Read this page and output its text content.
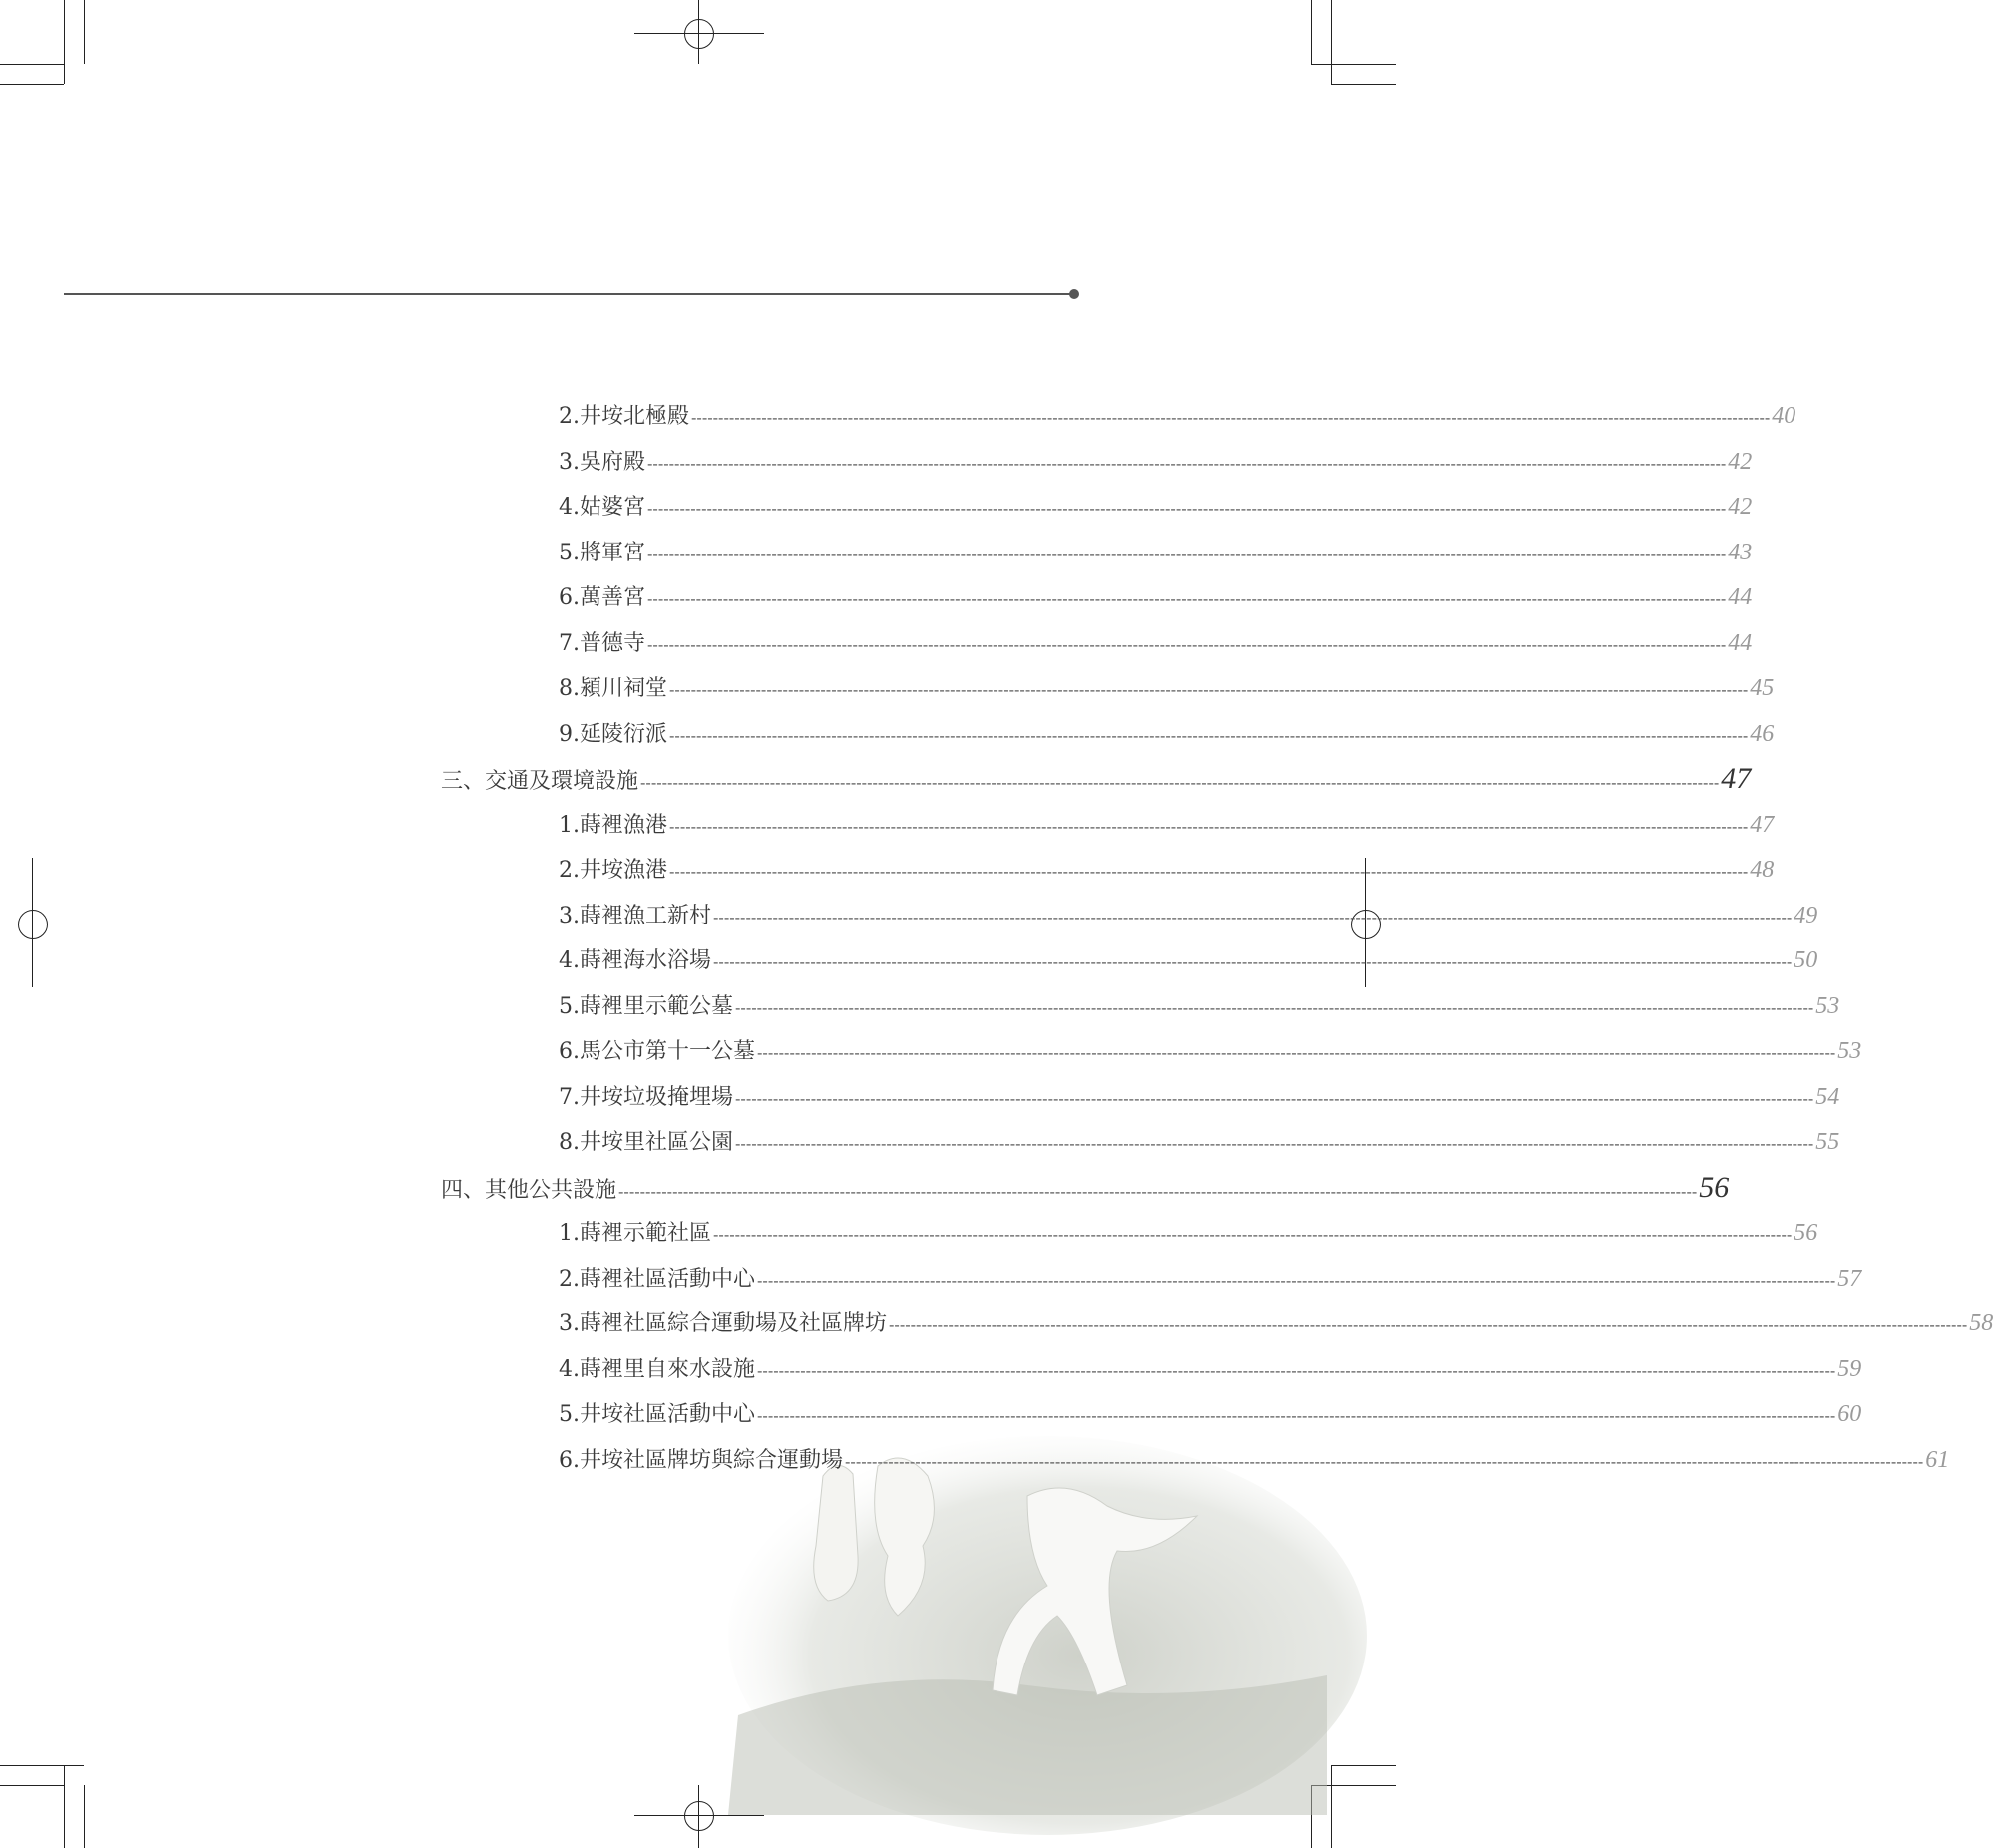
2.井垵北極殿 -------------------------------------------------------------------------------------------------------------------------------------------------------------------------------------------------------- 40
3.吳府殿 -------------------------------------------------------------------------------------------------------------------------------------------------------------------------------------------------------- 42
4.姑婆宮 -------------------------------------------------------------------------------------------------------------------------------------------------------------------------------------------------------- 42
5.將軍宮 -------------------------------------------------------------------------------------------------------------------------------------------------------------------------------------------------------- 43
6.萬善宮 -------------------------------------------------------------------------------------------------------------------------------------------------------------------------------------------------------- 44
7.普德寺 -------------------------------------------------------------------------------------------------------------------------------------------------------------------------------------------------------- 44
8.潁川祠堂 -------------------------------------------------------------------------------------------------------------------------------------------------------------------------------------------------------- 45
9.延陵衍派 -------------------------------------------------------------------------------------------------------------------------------------------------------------------------------------------------------- 46
三、交通及環境設施 -------------------------------------------------------------------------------------------------------------------------------------------------------------------------------------------------------- 47
1.蒔裡漁港 -------------------------------------------------------------------------------------------------------------------------------------------------------------------------------------------------------- 47
2.井垵漁港 -------------------------------------------------------------------------------------------------------------------------------------------------------------------------------------------------------- 48
3.蒔裡漁工新村 -------------------------------------------------------------------------------------------------------------------------------------------------------------------------------------------------------- 49
4.蒔裡海水浴場 -------------------------------------------------------------------------------------------------------------------------------------------------------------------------------------------------------- 50
5.蒔裡里示範公墓 -------------------------------------------------------------------------------------------------------------------------------------------------------------------------------------------------------- 53
6.馬公市第十一公墓 -------------------------------------------------------------------------------------------------------------------------------------------------------------------------------------------------------- 53
7.井垵垃圾掩埋場 -------------------------------------------------------------------------------------------------------------------------------------------------------------------------------------------------------- 54
8.井垵里社區公園 -------------------------------------------------------------------------------------------------------------------------------------------------------------------------------------------------------- 55
四、其他公共設施 -------------------------------------------------------------------------------------------------------------------------------------------------------------------------------------------------------- 56
1.蒔裡示範社區 -------------------------------------------------------------------------------------------------------------------------------------------------------------------------------------------------------- 56
2.蒔裡社區活動中心 -------------------------------------------------------------------------------------------------------------------------------------------------------------------------------------------------------- 57
3.蒔裡社區綜合運動場及社區牌坊 -------------------------------------------------------------------------------------------------------------------------------------------------------------------------------------------------------- 58
4.蒔裡里自來水設施 -------------------------------------------------------------------------------------------------------------------------------------------------------------------------------------------------------- 59
5.井垵社區活動中心 -------------------------------------------------------------------------------------------------------------------------------------------------------------------------------------------------------- 60
6.井垵社區牌坊與綜合運動場 -------------------------------------------------------------------------------------------------------------------------------------------------------------------------------------------------------- 61
